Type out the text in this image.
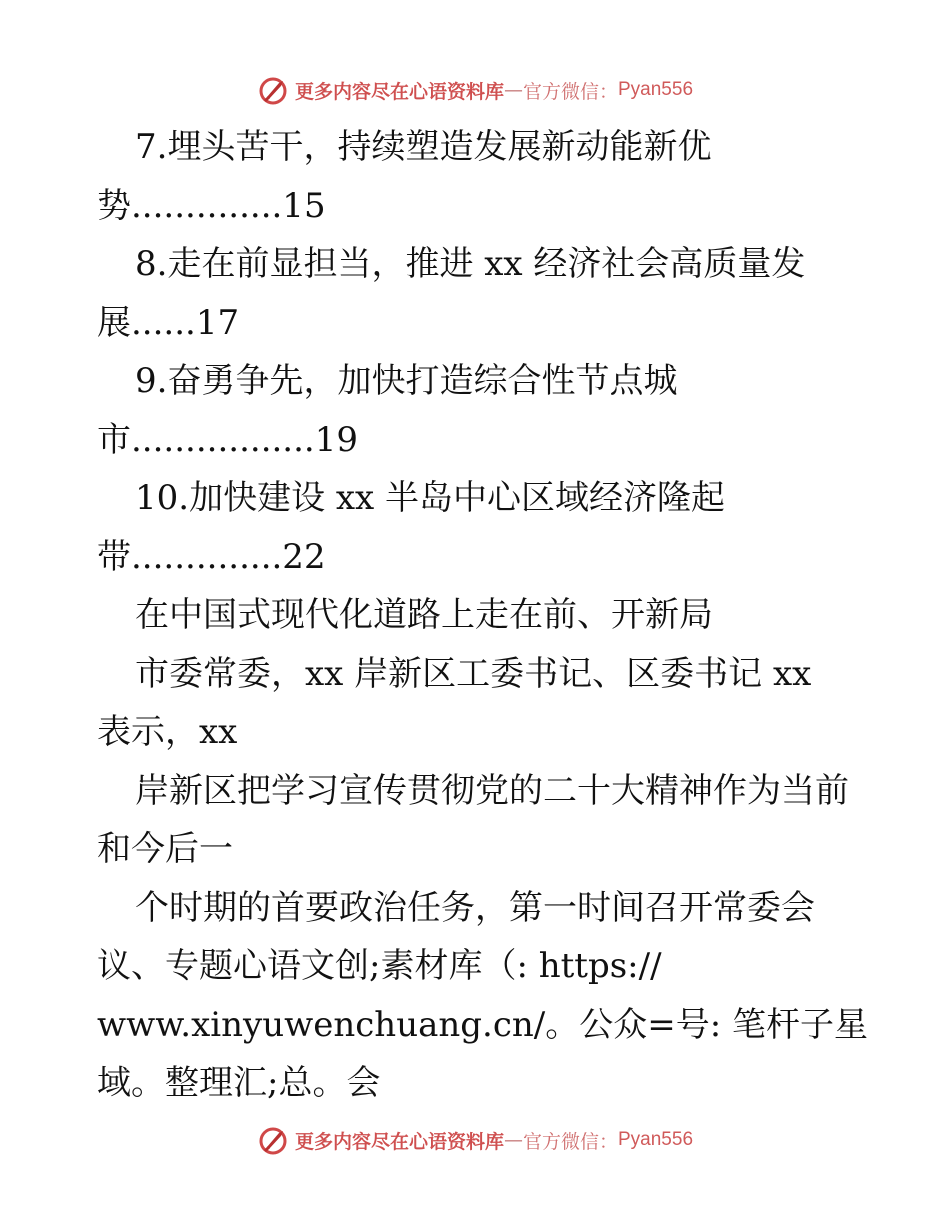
更多内容尽在心语资料库 — 官方微信： Pyan556
7.埋头苦干，持续塑造发展新动能新优
势..............15
8.走在前显担当，推进 xx 经济社会高质量发
展......17
9.奋勇争先，加快打造综合性节点城
市.................19
10.加快建设 xx 半岛中心区域经济隆起
带..............22
在中国式现代化道路上走在前、开新局
市委常委，xx 岸新区工委书记、区委书记 xx
表示，xx
岸新区把学习宣传贯彻党的二十大精神作为当前
和今后一
个时期的首要政治任务，第一时间召开常委会
议、专题心语文创;素材库（: https://
www.xinyuwenchuang.cn/。公众=号: 笔杆子星
域。整理汇;总。会
更多内容尽在心语资料库 — 官方微信： Pyan556
